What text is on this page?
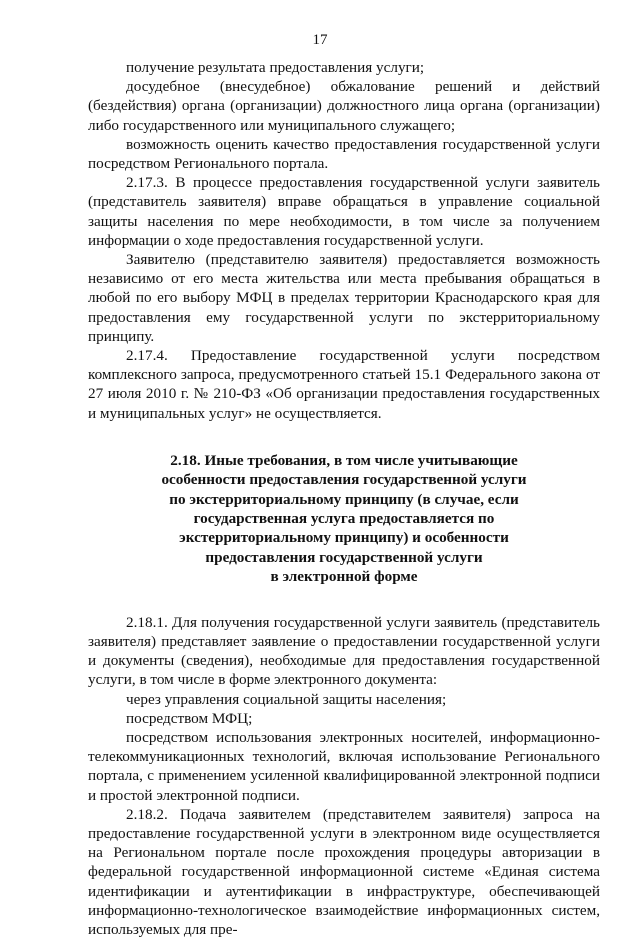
17

получение результата предоставления услуги;

досудебное (внесудебное) обжалование решений и действий (бездействия) органа (организации) должностного лица органа (организации) либо государственного или муниципального служащего;

возможность оценить качество предоставления государственной услуги посредством Регионального портала.

2.17.3. В процессе предоставления государственной услуги заявитель (представитель заявителя) вправе обращаться в управление социальной защиты населения по мере необходимости, в том числе за получением информации о ходе предоставления государственной услуги.

Заявителю (представителю заявителя) предоставляется возможность независимо от его места жительства или места пребывания обращаться в любой по его выбору МФЦ в пределах территории Краснодарского края для предоставления ему государственной услуги по экстерриториальному принципу.

2.17.4. Предоставление государственной услуги посредством комплексного запроса, предусмотренного статьей 15.1 Федерального закона от 27 июля 2010 г. № 210-ФЗ «Об организации предоставления государственных и муниципальных услуг» не осуществляется.

2.18. Иные требования, в том числе учитывающие
особенности предоставления государственной услуги
по экстерриториальному принципу (в случае, если
государственная услуга предоставляется по
экстерриториальному принципу) и особенности
предоставления государственной услуги
в электронной форме

2.18.1. Для получения государственной услуги заявитель (представитель заявителя) представляет заявление о предоставлении государственной услуги и документы (сведения), необходимые для предоставления государственной услуги, в том числе в форме электронного документа:

через управления социальной защиты населения;

посредством МФЦ;

посредством использования электронных носителей, информационно-телекоммуникационных технологий, включая использование Регионального портала, с применением усиленной квалифицированной электронной подписи и простой электронной подписи.

2.18.2. Подача заявителем (представителем заявителя) запроса на предоставление государственной услуги в электронном виде осуществляется на Региональном портале после прохождения процедуры авторизации в федеральной государственной информационной системе «Единая система идентификации и аутентификации в инфраструктуре, обеспечивающей информационно-технологическое взаимодействие информационных систем, используемых для пре-
